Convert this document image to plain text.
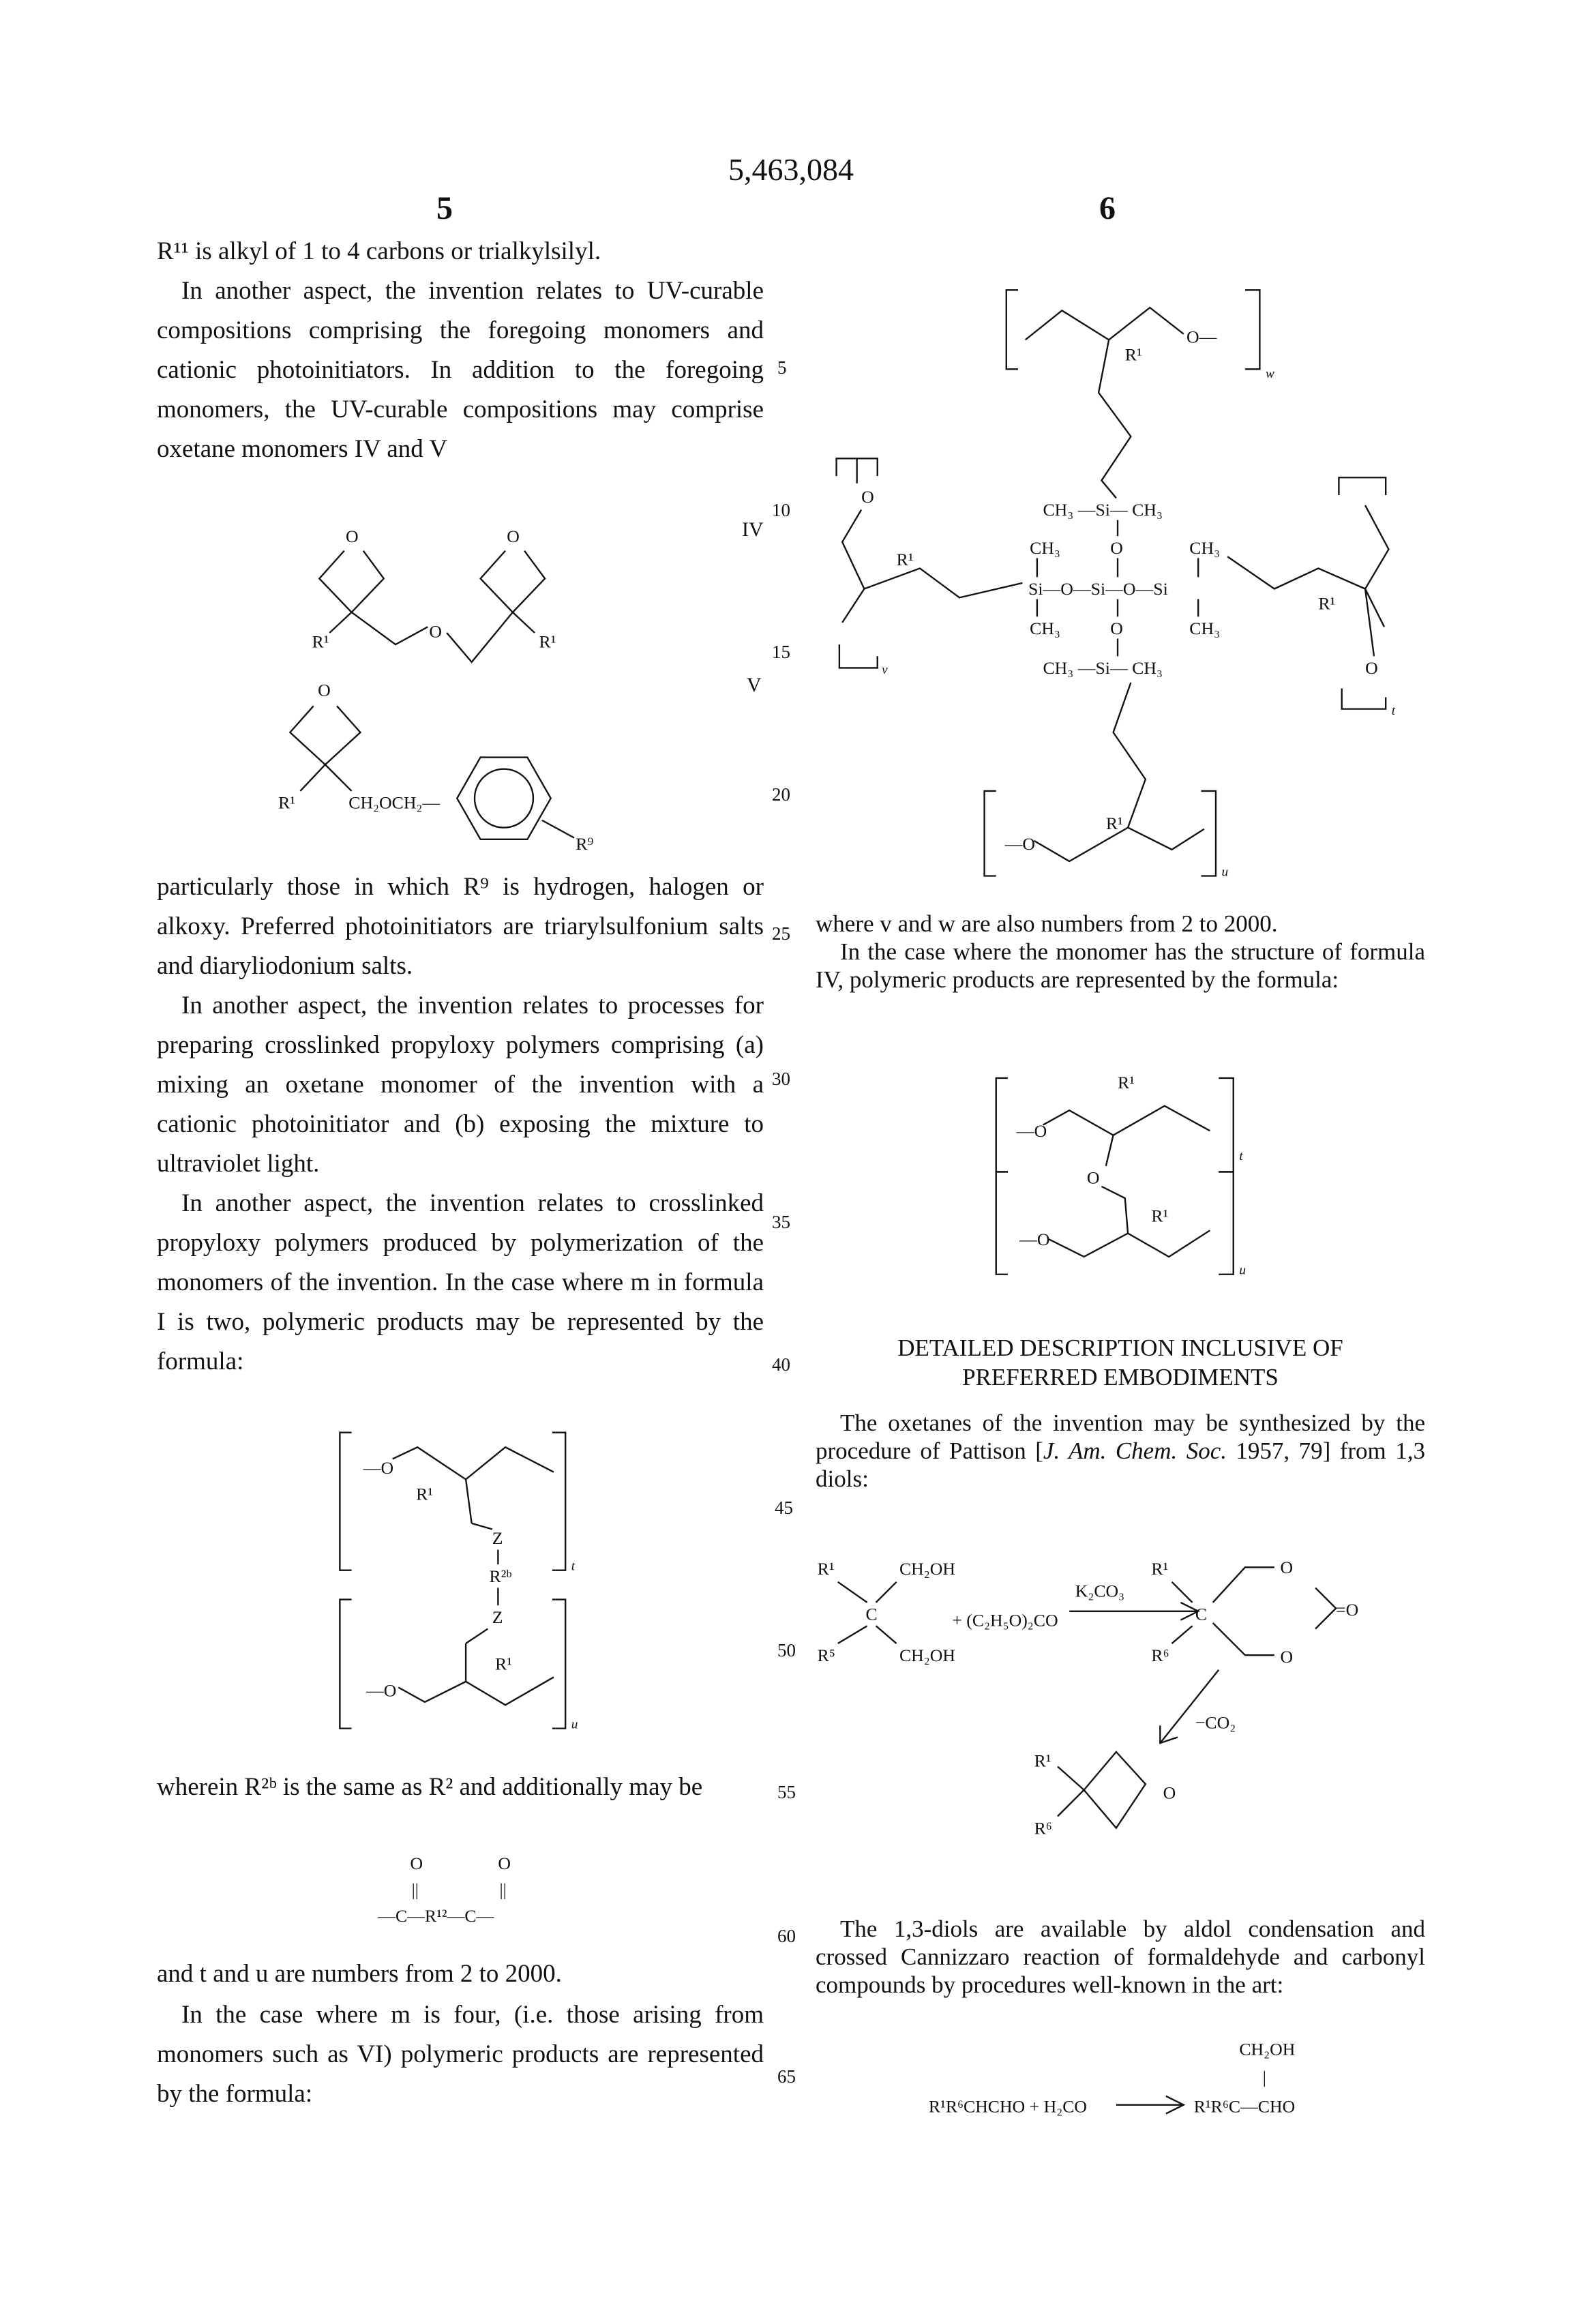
5,463,084
5	6
R¹¹ is alkyl of 1 to 4 carbons or trialkylsilyl.
In another aspect, the invention relates to UV-curable compositions comprising the foregoing monomers and cationic photoinitiators. In addition to the foregoing monomers, the UV-curable compositions may comprise oxetane monomers IV and V
particularly those in which R⁹ is hydrogen, halogen or alkoxy. Preferred photoinitiators are triarylsulfonium salts and diaryliodonium salts.
In another aspect, the invention relates to processes for preparing crosslinked propyloxy polymers comprising (a) mixing an oxetane monomer of the invention with a cationic photoinitiator and (b) exposing the mixture to ultraviolet light.
In another aspect, the invention relates to crosslinked propyloxy polymers produced by polymerization of the monomers of the invention. In the case where m in formula I is two, polymeric products may be represented by the formula:
wherein R²ᵇ is the same as R² and additionally may be
and t and u are numbers from 2 to 2000.
In the case where m is four, (i.e. those arising from monomers such as VI) polymeric products are represented by the formula:
IV
V
5
10
15
20
25
30
35
40
45
50
55
60
65
where v and w are also numbers from 2 to 2000.
In the case where the monomer has the structure of formula IV, polymeric products are represented by the formula:
DETAILED DESCRIPTION INCLUSIVE OF
PREFERRED EMBODIMENTS
The oxetanes of the invention may be synthesized by the procedure of Pattison [J. Am. Chem. Soc. 1957, 79] from 1,3 diols:
The 1,3-diols are available by aldol condensation and crossed Cannizzaro reaction of formaldehyde and carbonyl compounds by procedures well-known in the art:
O	O
R¹
O
R¹
O
R¹	CH₂OCH₂—
R⁹
t
—O
R¹
Z
R²ᵇ
Z
u
—O
R¹
O	O
||	||
—C—R¹²—C—
w
O—
R¹
CH₃ —Si— CH₃
CH₃	O	CH₃
Si—O—Si—O—Si
CH₃	O	CH₃
CH₃ —Si— CH₃
u
—O
R¹
O
R¹
v
R¹
O
t
t
—O
R¹
O
u
—O
R¹
R¹	CH₂OH
C
R⁵	CH₂OH
+ (C₂H₅O)₂CO
K₂CO₃
R¹
C
R⁶
O
O
=O
−CO₂
R¹
O
R⁶
CH₂OH
|
R¹R⁶CHCHO + H₂CO	R¹R⁶C—CHO
